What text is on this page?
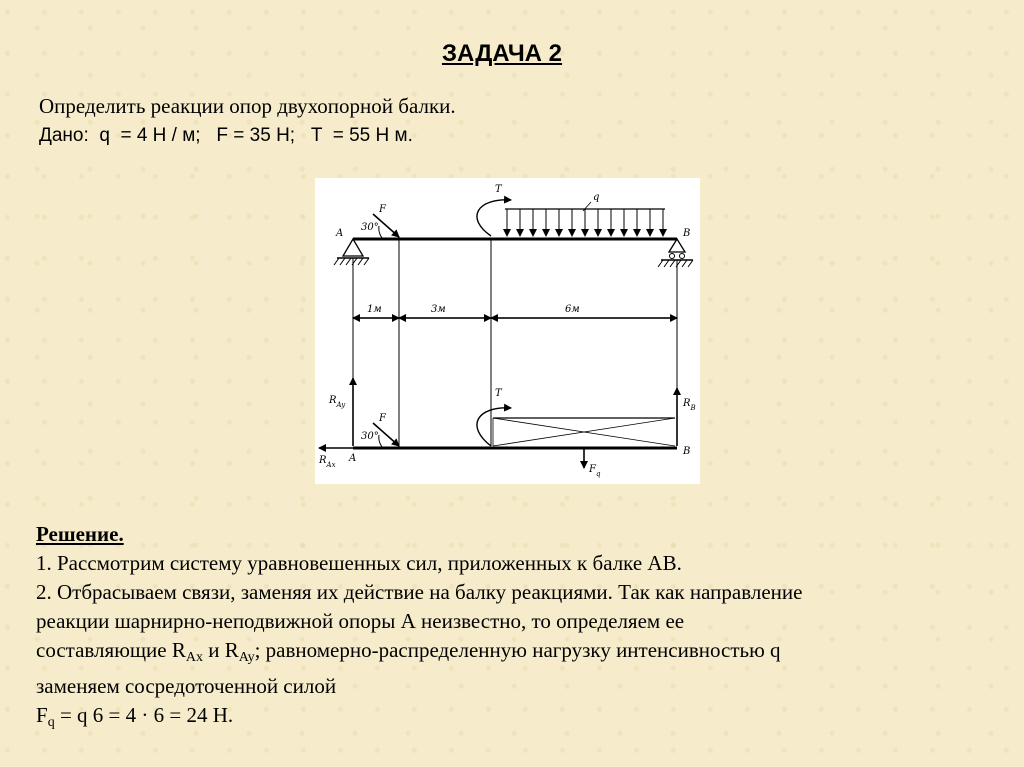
ЗАДАЧА 2
Определить реакции опор двухопорной балки.
Дано:  q  = 4 Н / м;   F = 35 Н;   T  = 55 Н м.
T
q
A
F
30°
B
1м	3м	6м
$R_{Ay}$
$R_{Ax}$
A
F
30°
T
$R_B$
B
$F_q$
Решение.
1. Рассмотрим систему уравновешенных сил, приложенных к балке АВ.
2. Отбрасываем связи, заменяя их действие на балку реакциями. Так как направление
реакции шарнирно-неподвижной опоры А неизвестно, то определяем ее
составляющие $R_{Ax}$ и $R_{Ay}$; равномерно-распределенную нагрузку интенсивностью q
заменяем сосредоточенной силой
$F_q = q$ 6 = 4 · 6 = 24 Н.
